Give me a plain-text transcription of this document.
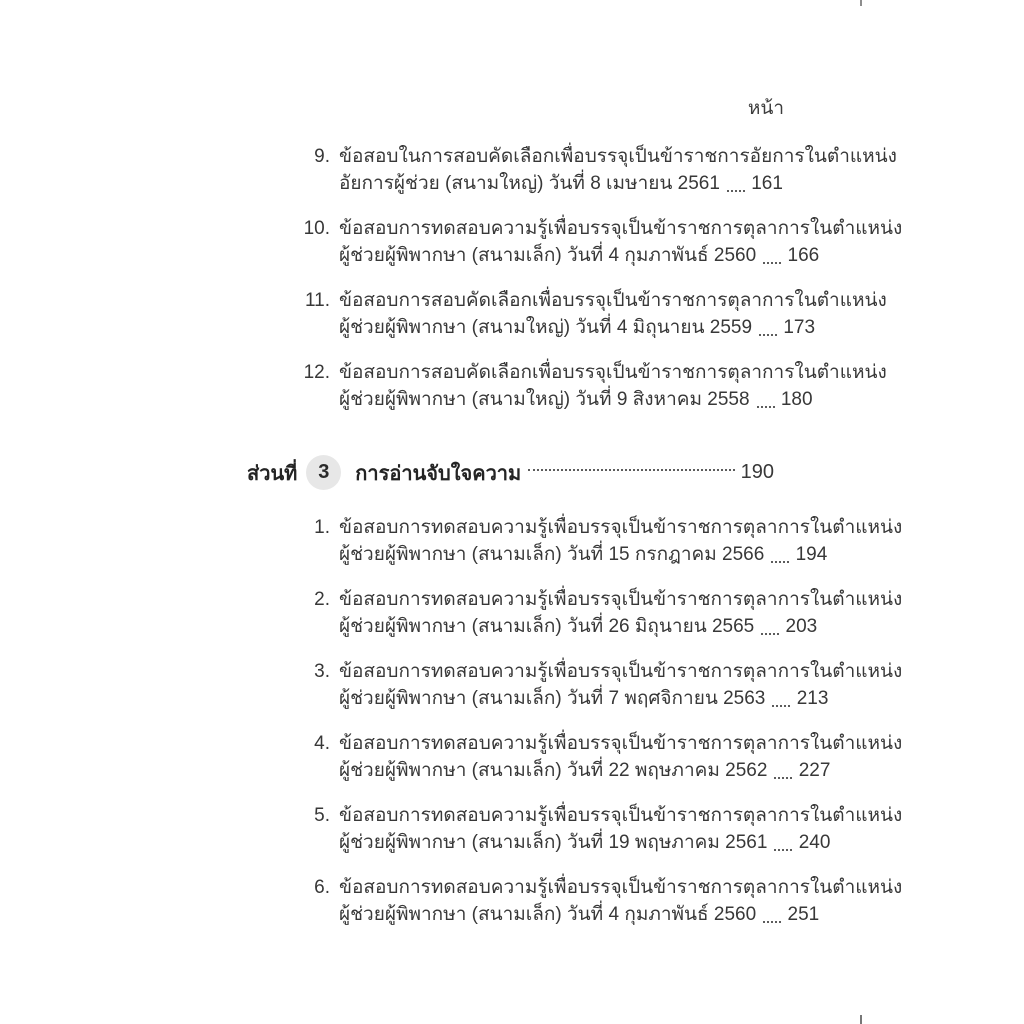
หน้า
9. ข้อสอบในการสอบคัดเลือกเพื่อบรรจุเป็นข้าราชการอัยการในตำแหน่ง
อัยการผู้ช่วย (สนามใหญ่) วันที่ 8 เมษายน 2561 161
10. ข้อสอบการทดสอบความรู้เพื่อบรรจุเป็นข้าราชการตุลาการในตำแหน่ง
ผู้ช่วยผู้พิพากษา (สนามเล็ก) วันที่ 4 กุมภาพันธ์ 2560 166
11. ข้อสอบการสอบคัดเลือกเพื่อบรรจุเป็นข้าราชการตุลาการในตำแหน่ง
ผู้ช่วยผู้พิพากษา (สนามใหญ่) วันที่ 4 มิถุนายน 2559 173
12. ข้อสอบการสอบคัดเลือกเพื่อบรรจุเป็นข้าราชการตุลาการในตำแหน่ง
ผู้ช่วยผู้พิพากษา (สนามใหญ่) วันที่ 9 สิงหาคม 2558 180
ส่วนที่	3	การอ่านจับใจความ	190
1. ข้อสอบการทดสอบความรู้เพื่อบรรจุเป็นข้าราชการตุลาการในตำแหน่ง
ผู้ช่วยผู้พิพากษา (สนามเล็ก) วันที่ 15 กรกฎาคม 2566 194
2. ข้อสอบการทดสอบความรู้เพื่อบรรจุเป็นข้าราชการตุลาการในตำแหน่ง
ผู้ช่วยผู้พิพากษา (สนามเล็ก) วันที่ 26 มิถุนายน 2565 203
3. ข้อสอบการทดสอบความรู้เพื่อบรรจุเป็นข้าราชการตุลาการในตำแหน่ง
ผู้ช่วยผู้พิพากษา (สนามเล็ก) วันที่ 7 พฤศจิกายน 2563 213
4. ข้อสอบการทดสอบความรู้เพื่อบรรจุเป็นข้าราชการตุลาการในตำแหน่ง
ผู้ช่วยผู้พิพากษา (สนามเล็ก) วันที่ 22 พฤษภาคม 2562 227
5. ข้อสอบการทดสอบความรู้เพื่อบรรจุเป็นข้าราชการตุลาการในตำแหน่ง
ผู้ช่วยผู้พิพากษา (สนามเล็ก) วันที่ 19 พฤษภาคม 2561 240
6. ข้อสอบการทดสอบความรู้เพื่อบรรจุเป็นข้าราชการตุลาการในตำแหน่ง
ผู้ช่วยผู้พิพากษา (สนามเล็ก) วันที่ 4 กุมภาพันธ์ 2560 251
